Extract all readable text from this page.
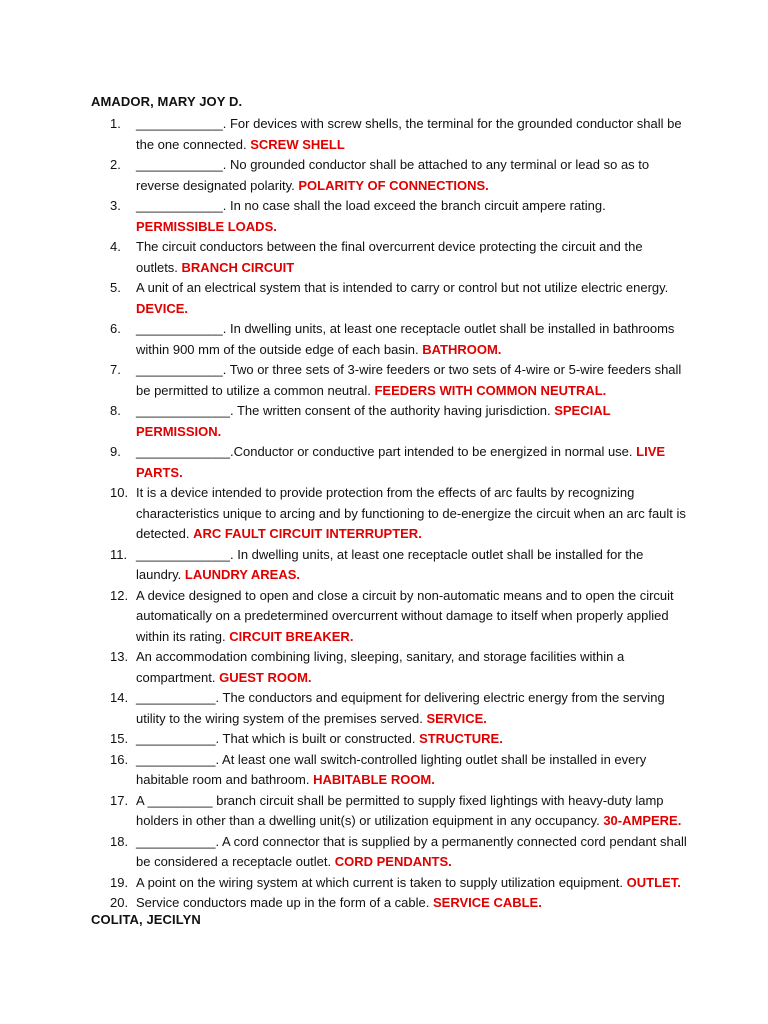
AMADOR, MARY JOY D.
1.	____________. For devices with screw shells, the terminal for the grounded conductor shall be the one connected. SCREW SHELL
2.	____________. No grounded conductor shall be attached to any terminal or lead so as to reverse designated polarity. POLARITY OF CONNECTIONS.
3.	____________. In no case shall the load exceed the branch circuit ampere rating. PERMISSIBLE LOADS.
4.	The circuit conductors between the final overcurrent device protecting the circuit and the outlets. BRANCH CIRCUIT
5.	A unit of an electrical system that is intended to carry or control but not utilize electric energy. DEVICE.
6.	____________. In dwelling units, at least one receptacle outlet shall be installed in bathrooms within 900 mm of the outside edge of each basin. BATHROOM.
7.	____________. Two or three sets of 3-wire feeders or two sets of 4-wire or 5-wire feeders shall be permitted to utilize a common neutral. FEEDERS WITH COMMON NEUTRAL.
8.	_____________. The written consent of the authority having jurisdiction. SPECIAL PERMISSION.
9.	_____________.Conductor or conductive part intended to be energized in normal use. LIVE PARTS.
10. It is a device intended to provide protection from the effects of arc faults by recognizing characteristics unique to arcing and by functioning to de-energize the circuit when an arc fault is detected. ARC FAULT CIRCUIT INTERRUPTER.
11. _____________. In dwelling units, at least one receptacle outlet shall be installed for the laundry. LAUNDRY AREAS.
12. A device designed to open and close a circuit by non-automatic means and to open the circuit automatically on a predetermined overcurrent without damage to itself when properly applied within its rating. CIRCUIT BREAKER.
13. An accommodation combining living, sleeping, sanitary, and storage facilities within a compartment. GUEST ROOM.
14. ___________. The conductors and equipment for delivering electric energy from the serving utility to the wiring system of the premises served. SERVICE.
15. ___________. That which is built or constructed. STRUCTURE.
16. ___________. At least one wall switch-controlled lighting outlet shall be installed in every habitable room and bathroom. HABITABLE ROOM.
17. A _________ branch circuit shall be permitted to supply fixed lightings with heavy-duty lamp holders in other than a dwelling unit(s) or utilization equipment in any occupancy. 30-AMPERE.
18. ___________. A cord connector that is supplied by a permanently connected cord pendant shall be considered a receptacle outlet. CORD PENDANTS.
19. A point on the wiring system at which current is taken to supply utilization equipment. OUTLET.
20. Service conductors made up in the form of a cable. SERVICE CABLE.
COLITA, JECILYN
